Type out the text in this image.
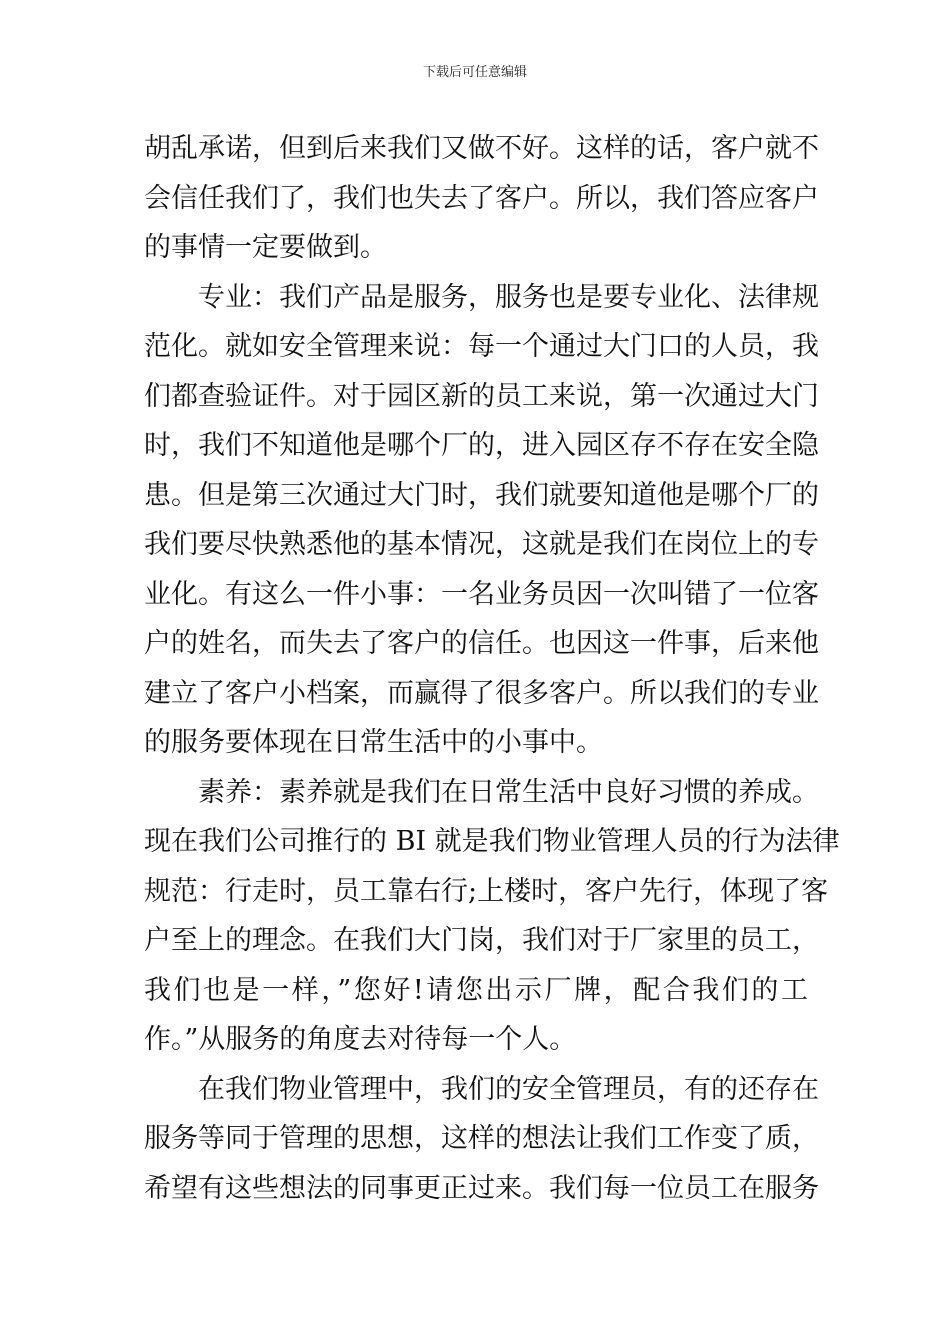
下载后可任意编辑
胡乱承诺，但到后来我们又做不好。这样的话，客户就不
会信任我们了，我们也失去了客户。所以，我们答应客户
的事情一定要做到。
专业：我们产品是服务，服务也是要专业化、法律规
范化。就如安全管理来说：每一个通过大门口的人员，我
们都查验证件。对于园区新的员工来说，第一次通过大门
时，我们不知道他是哪个厂的，进入园区存不存在安全隐
患。但是第三次通过大门时，我们就要知道他是哪个厂的
我们要尽快熟悉他的基本情况，这就是我们在岗位上的专
业化。有这么一件小事：一名业务员因一次叫错了一位客
户的姓名，而失去了客户的信任。也因这一件事，后来他
建立了客户小档案，而赢得了很多客户。所以我们的专业
的服务要体现在日常生活中的小事中。
素养：素养就是我们在日常生活中良好习惯的养成。
现在我们公司推行的 BI 就是我们物业管理人员的行为法律
规范：行走时，员工靠右行;上楼时，客户先行，体现了客
户至上的理念。在我们大门岗，我们对于厂家里的员工，
我们也是一样，”您好!请您出示厂牌，配合我们的工
作。”从服务的角度去对待每一个人。
在我们物业管理中，我们的安全管理员，有的还存在
服务等同于管理的思想，这样的想法让我们工作变了质，
希望有这些想法的同事更正过来。我们每一位员工在服务
